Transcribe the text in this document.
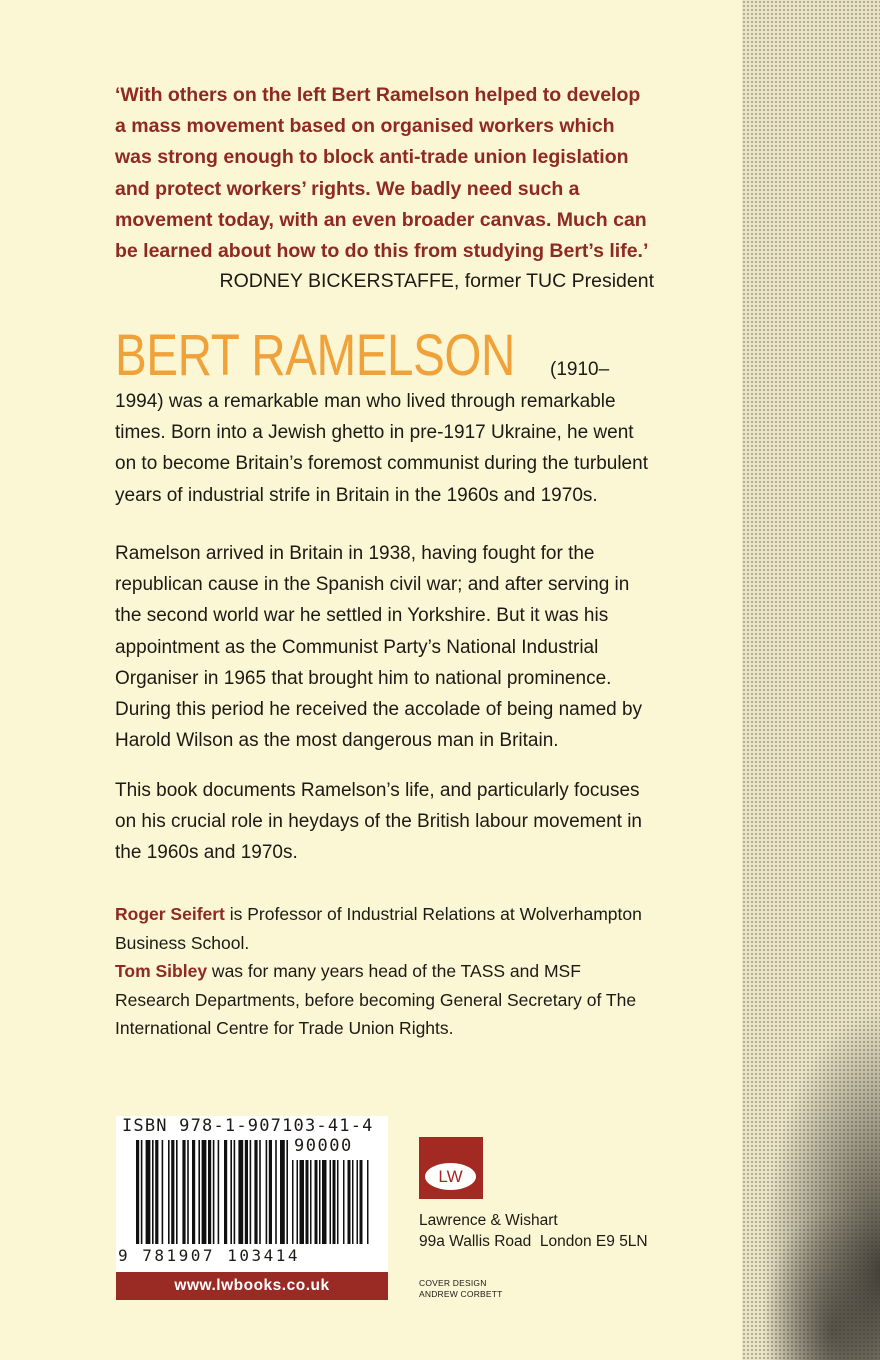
‘With others on the left Bert Ramelson helped to develop a mass movement based on organised workers which was strong enough to block anti-trade union legislation and protect workers’ rights. We badly need such a movement today, with an even broader canvas. Much can be learned about how to do this from studying Bert’s life.’

RODNEY BICKERSTAFFE, former TUC President

BERT RAMELSON (1910–1994) was a remarkable man who lived through remarkable times. Born into a Jewish ghetto in pre-1917 Ukraine, he went on to become Britain’s foremost communist during the turbulent years of industrial strife in Britain in the 1960s and 1970s.

Ramelson arrived in Britain in 1938, having fought for the republican cause in the Spanish civil war; and after serving in the second world war he settled in Yorkshire. But it was his appointment as the Communist Party’s National Industrial Organiser in 1965 that brought him to national prominence. During this period he received the accolade of being named by Harold Wilson as the most dangerous man in Britain.

This book documents Ramelson’s life, and particularly focuses on his crucial role in heydays of the British labour movement in the 1960s and 1970s.

Roger Seifert is Professor of Industrial Relations at Wolverhampton Business School.

Tom Sibley was for many years head of the TASS and MSF Research Departments, before becoming General Secretary of The International Centre for Trade Union Rights.

ISBN 978-1-907103-41-4
90000
9 781907 103414
www.lwbooks.co.uk
LW
Lawrence & Wishart
99a Wallis Road  London E9 5LN
COVER DESIGN
ANDREW CORBETT
